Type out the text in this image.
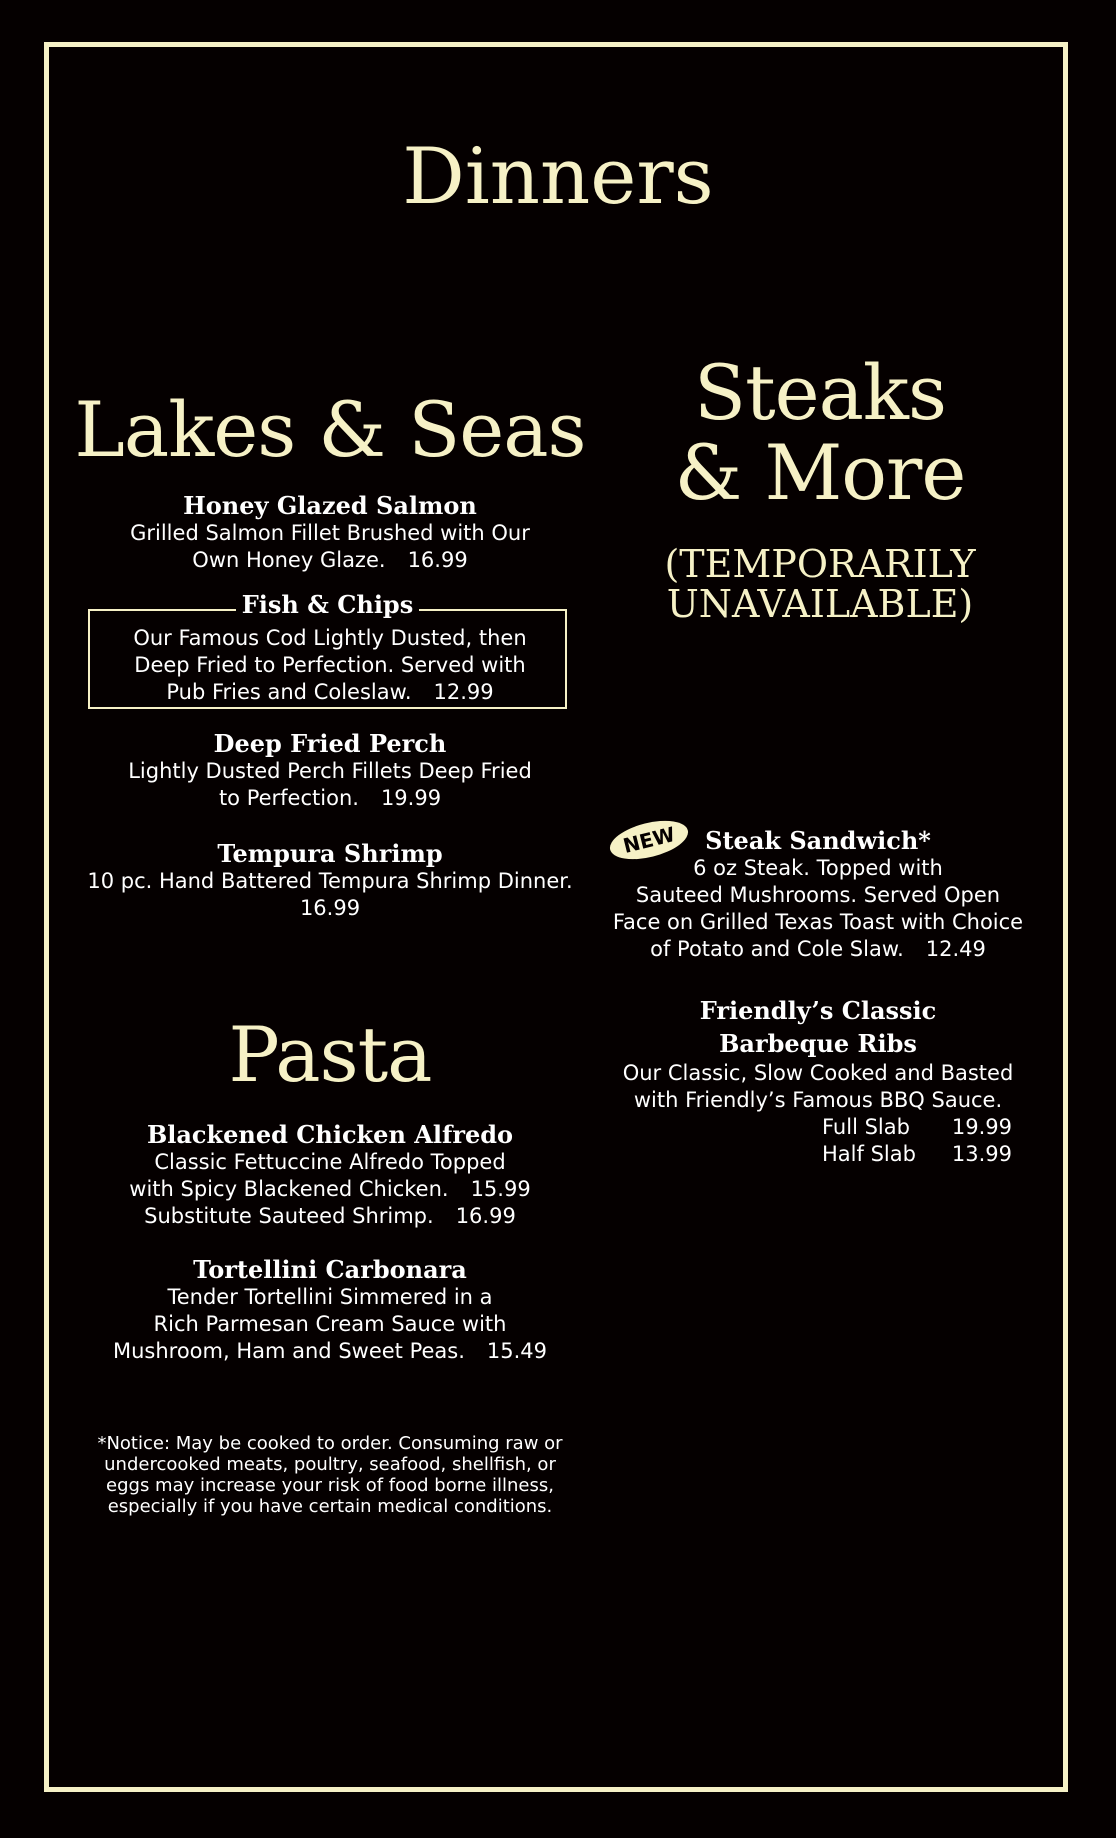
Dinners
Lakes & Seas
Honey Glazed Salmon
Grilled Salmon Fillet Brushed with Our
Own Honey Glaze. 16.99
Fish & Chips
Our Famous Cod Lightly Dusted, then
Deep Fried to Perfection. Served with
Pub Fries and Coleslaw. 12.99
Deep Fried Perch
Lightly Dusted Perch Fillets Deep Fried
to Perfection. 19.99
Tempura Shrimp
10 pc. Hand Battered Tempura Shrimp Dinner.
16.99
Pasta
Blackened Chicken Alfredo
Classic Fettuccine Alfredo Topped
with Spicy Blackened Chicken. 15.99
Substitute Sauteed Shrimp. 16.99
Tortellini Carbonara
Tender Tortellini Simmered in a
Rich Parmesan Cream Sauce with
Mushroom, Ham and Sweet Peas. 15.49
*Notice: May be cooked to order. Consuming raw or
undercooked meats, poultry, seafood, shellfish, or
eggs may increase your risk of food borne illness,
especially if you have certain medical conditions.
Steaks
& More
(TEMPORARILY
UNAVAILABLE)
NEW	Steak Sandwich*
6 oz Steak. Topped with
Sauteed Mushrooms. Served Open
Face on Grilled Texas Toast with Choice
of Potato and Cole Slaw. 12.49
Friendly’s Classic
Barbeque Ribs
Our Classic, Slow Cooked and Basted
with Friendly’s Famous BBQ Sauce.
Full Slab	19.99
Half Slab	13.99
